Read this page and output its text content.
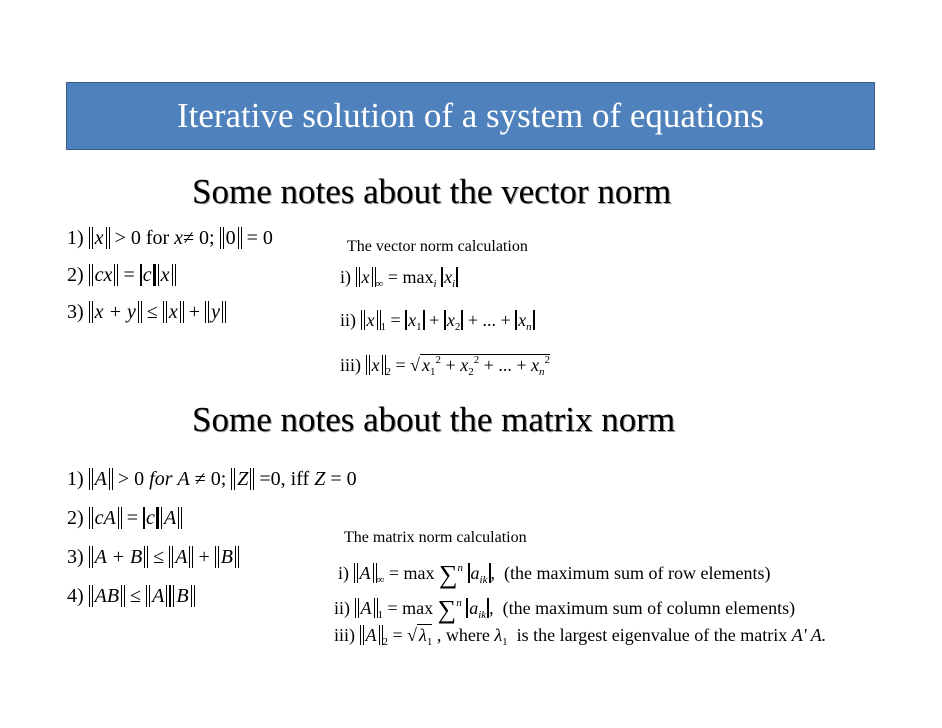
Iterative solution of a system of equations
Some notes about the vector norm
1) x > 0 for x≠ 0; 0 = 0
2) cx = c x
3) x + y ≤ x + y
The vector norm calculation
i) x $_\infty = \max_i x_i$
ii) x $_1 = x_1 + x_2$ + ... + $x_n$
iii) x $_2$ = √ $x_1^2 + x_2^2$ + ... + $x_n^2$
Some notes about the matrix norm
1) A > 0 for A ≠ 0; Z =0, iff Z = 0
2) cA = c A
3) A + B ≤ A + B
4) AB ≤ A B
The matrix norm calculation
i) A $_\infty$ = max ∑$^n$ $a_{ik}$ , (the maximum sum of row elements)
ii) A $_1$ = max ∑$^n$ $a_{ik}$ , (the maximum sum of column elements)
iii) A $_2$ = √ $\lambda_1$ , where $\lambda_1$ is the largest eigenvalue of the matrix A' A.
